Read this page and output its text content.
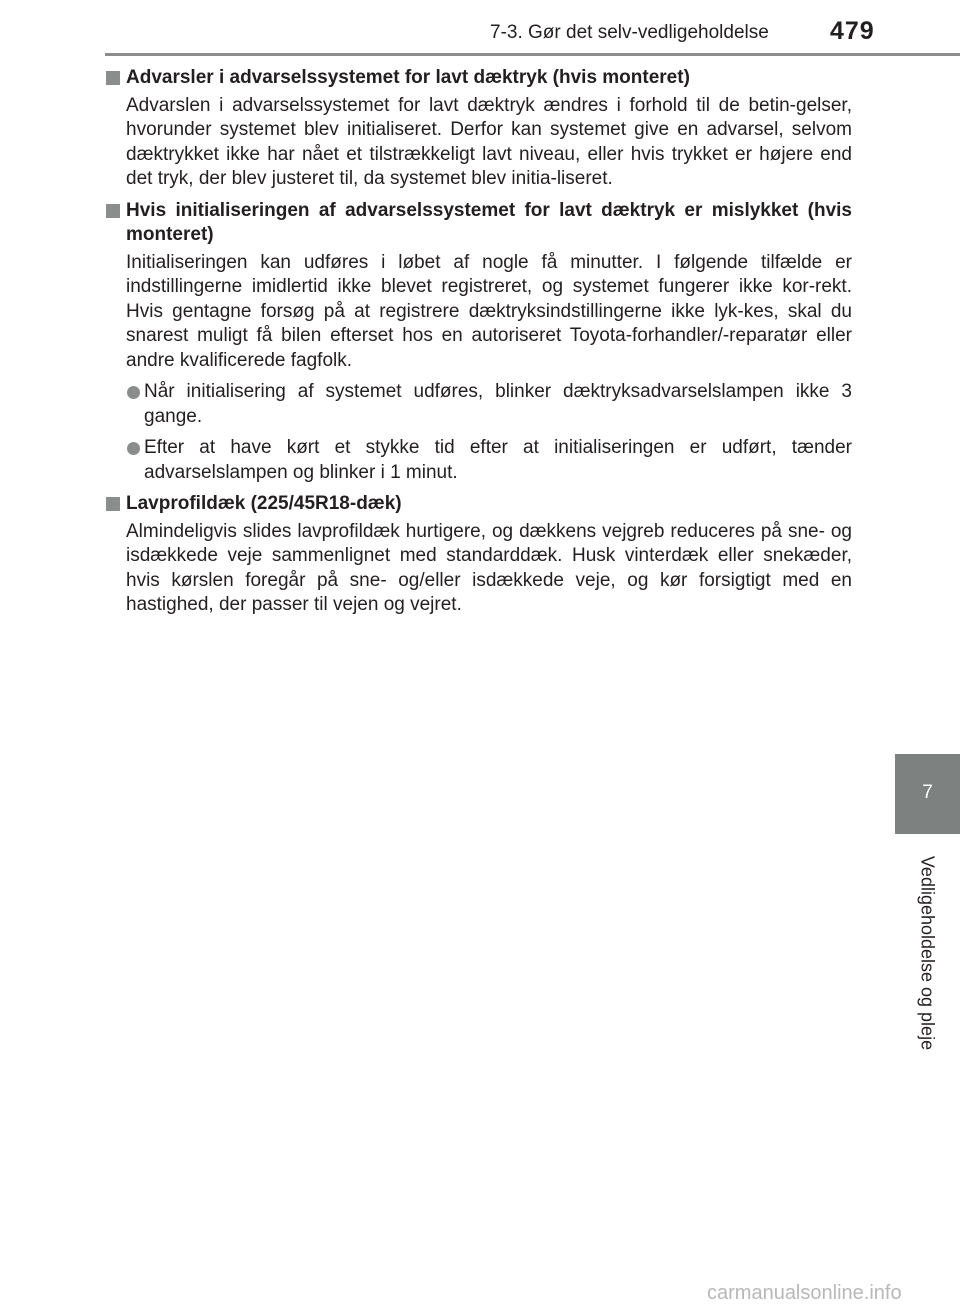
7-3. Gør det selv-vedligeholdelse 479
Advarsler i advarselssystemet for lavt dæktryk (hvis monteret)
Advarslen i advarselssystemet for lavt dæktryk ændres i forhold til de betin-gelser, hvorunder systemet blev initialiseret. Derfor kan systemet give en advarsel, selvom dæktrykket ikke har nået et tilstrækkeligt lavt niveau, eller hvis trykket er højere end det tryk, der blev justeret til, da systemet blev initia-liseret.
Hvis initialiseringen af advarselssystemet for lavt dæktryk er mislykket (hvis monteret)
Initialiseringen kan udføres i løbet af nogle få minutter. I følgende tilfælde er indstillingerne imidlertid ikke blevet registreret, og systemet fungerer ikke kor-rekt. Hvis gentagne forsøg på at registrere dæktryksindstillingerne ikke lyk-kes, skal du snarest muligt få bilen efterset hos en autoriseret Toyota-forhandler/-reparatør eller andre kvalificerede fagfolk.
Når initialisering af systemet udføres, blinker dæktryksadvarselslampen ikke 3 gange.
Efter at have kørt et stykke tid efter at initialiseringen er udført, tænder advarselslampen og blinker i 1 minut.
Lavprofildæk (225/45R18-dæk)
Almindeligvis slides lavprofildæk hurtigere, og dækkens vejgreb reduceres på sne- og isdækkede veje sammenlignet med standarddæk. Husk vinterdæk eller snekæder, hvis kørslen foregår på sne- og/eller isdækkede veje, og kør forsigtigt med en hastighed, der passer til vejen og vejret.
7
Vedligeholdelse og pleje
carmanualsonline.info
